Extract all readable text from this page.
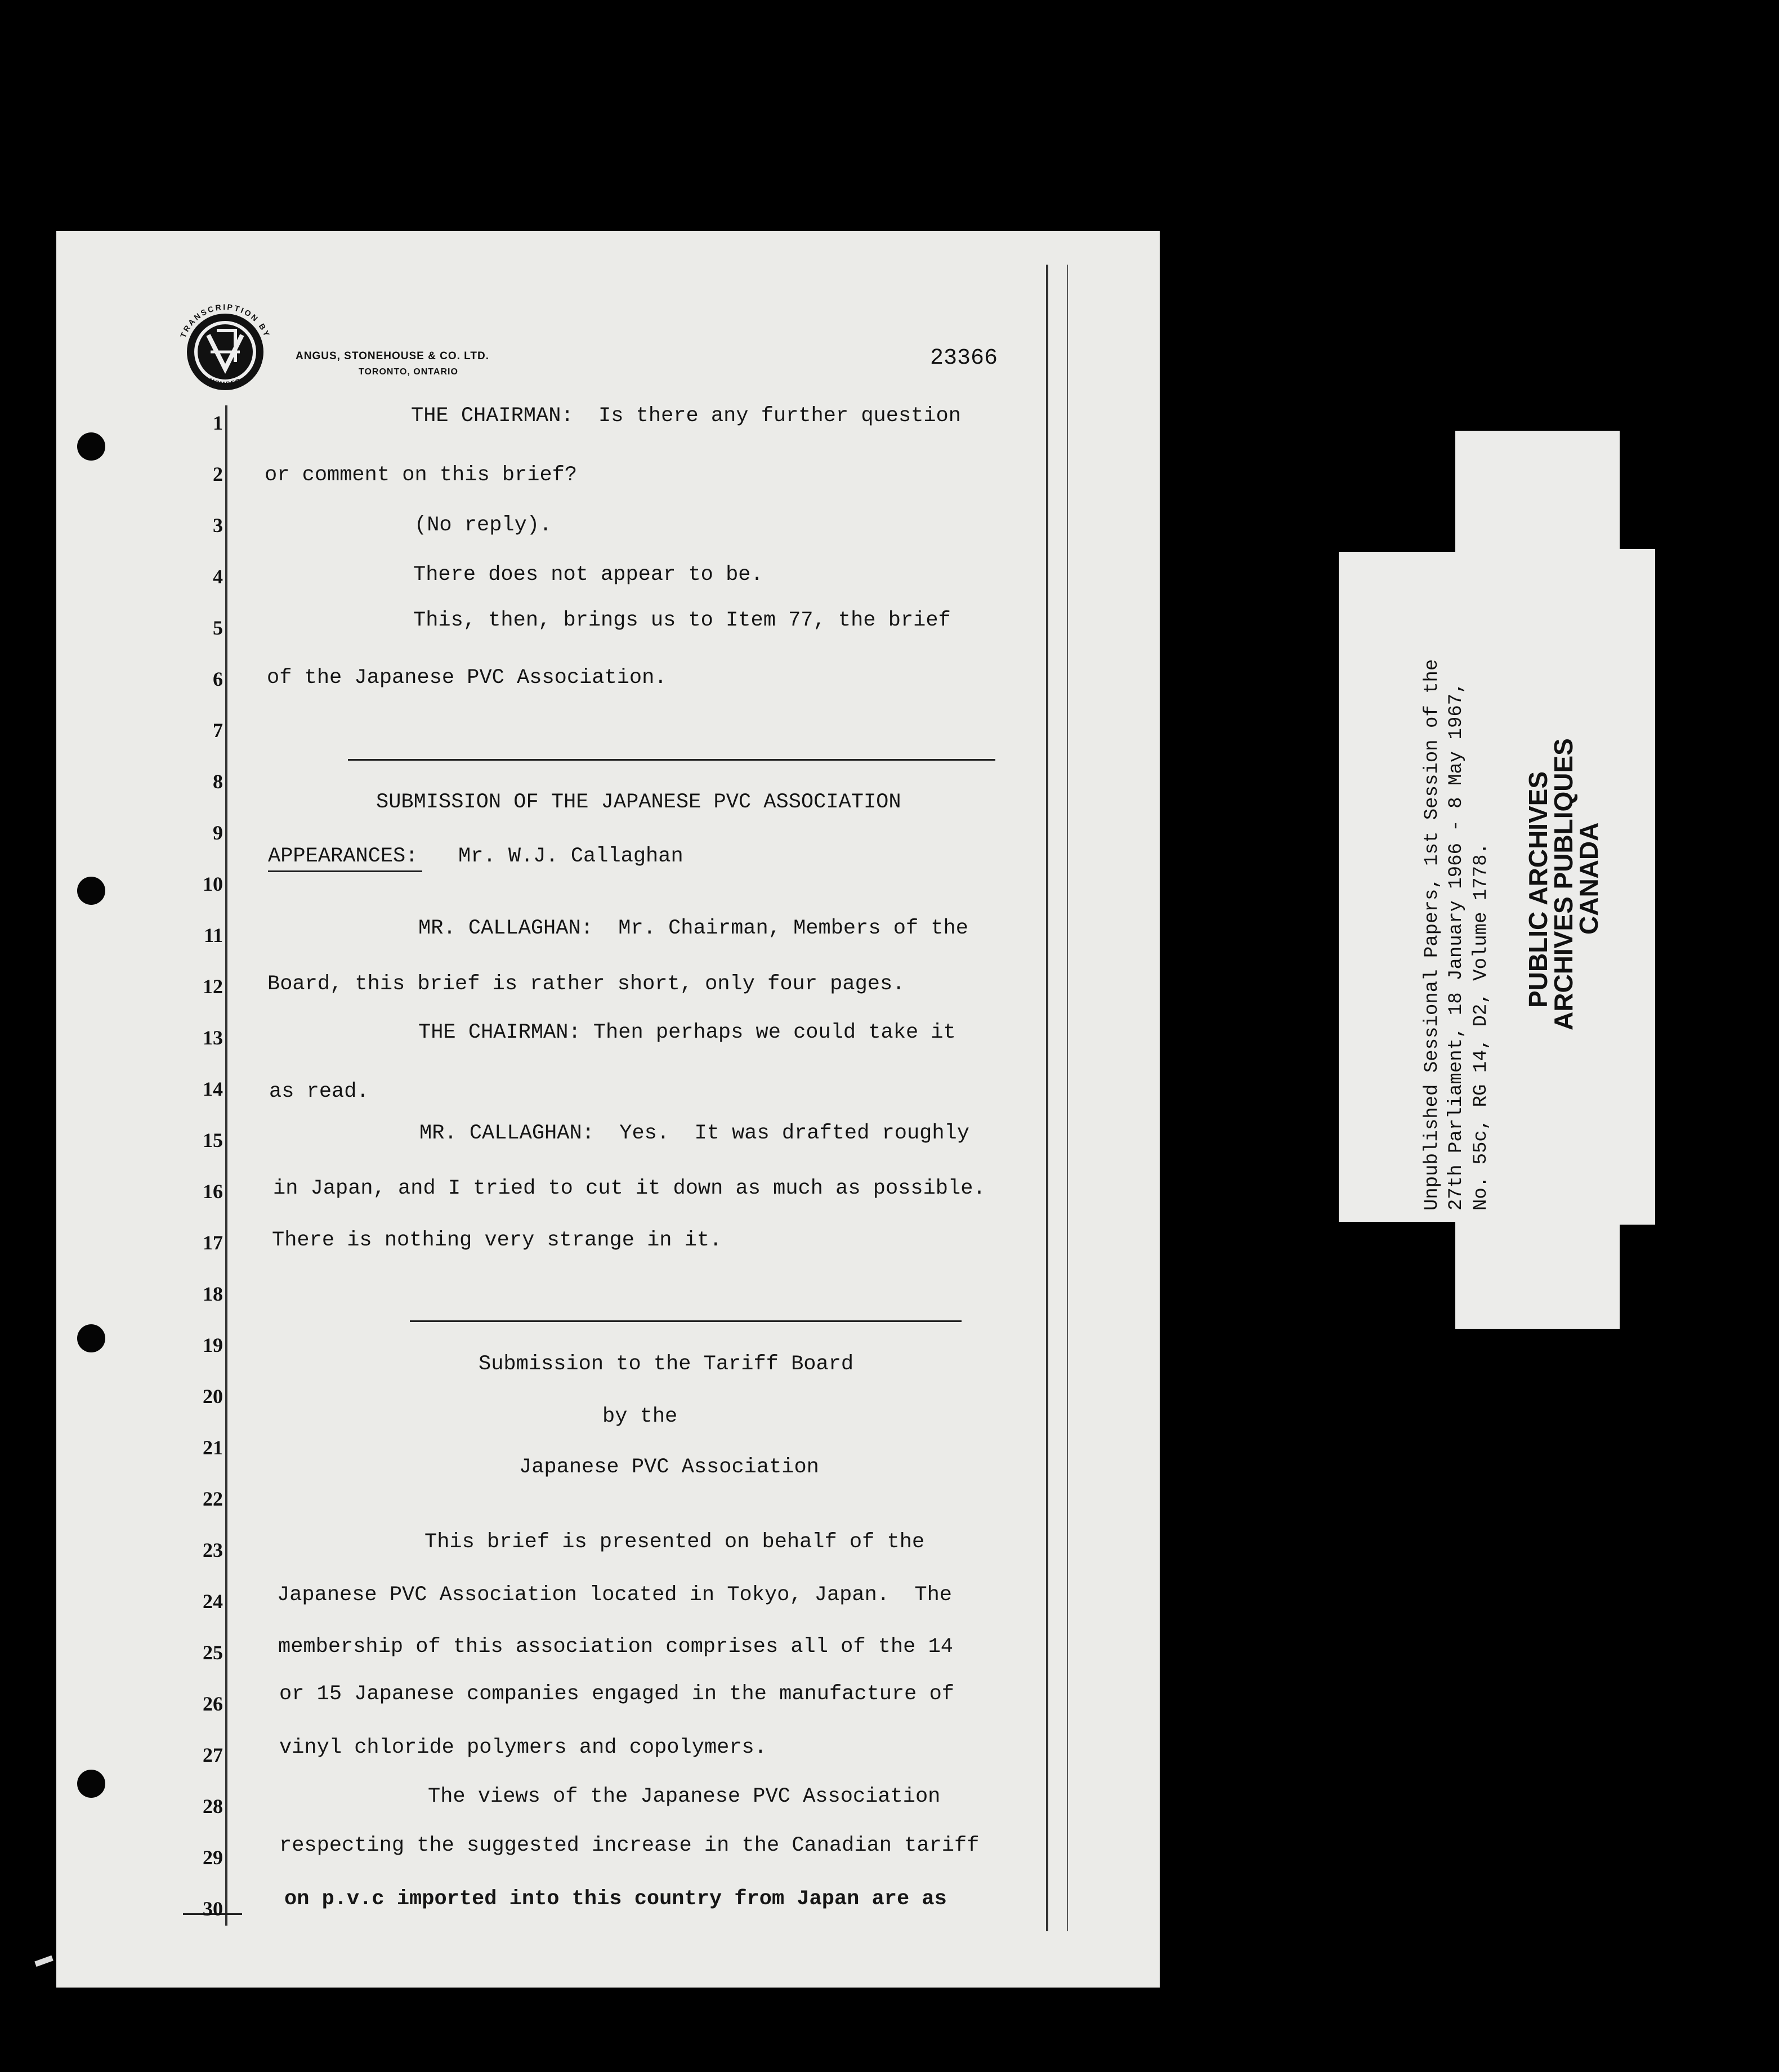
TRANSCRIPTION BY
MEMBER
ANGUS, STONEHOUSE & CO. LTD.
TORONTO, ONTARIO
23366
1
2
3
4
5
6
7
8
9
10
11
12
13
14
15
16
17
18
19
20
21
22
23
24
25
26
27
28
29
30
THE CHAIRMAN:  Is there any further question
or comment on this brief?
(No reply).
There does not appear to be.
This, then, brings us to Item 77, the brief
of the Japanese PVC Association.
SUBMISSION OF THE JAPANESE PVC ASSOCIATION
APPEARANCES: Mr. W.J. Callaghan
MR. CALLAGHAN:  Mr. Chairman, Members of the
Board, this brief is rather short, only four pages.
THE CHAIRMAN: Then perhaps we could take it
as read.
MR. CALLAGHAN:  Yes.  It was drafted roughly
in Japan, and I tried to cut it down as much as possible.
There is nothing very strange in it.
Submission to the Tariff Board
by the
Japanese PVC Association
This brief is presented on behalf of the
Japanese PVC Association located in Tokyo, Japan.  The
membership of this association comprises all of the 14
or 15 Japanese companies engaged in the manufacture of
vinyl chloride polymers and copolymers.
The views of the Japanese PVC Association
respecting the suggested increase in the Canadian tariff
on p.v.c imported into this country from Japan are as
Unpublished Sessional Papers, 1st Session of the 27th Parliament, 18 January 1966 - 8 May 1967, No. 55c, RG 14, D2, Volume 1778. PUBLIC ARCHIVES
ARCHIVES PUBLIQUES
CANADA
